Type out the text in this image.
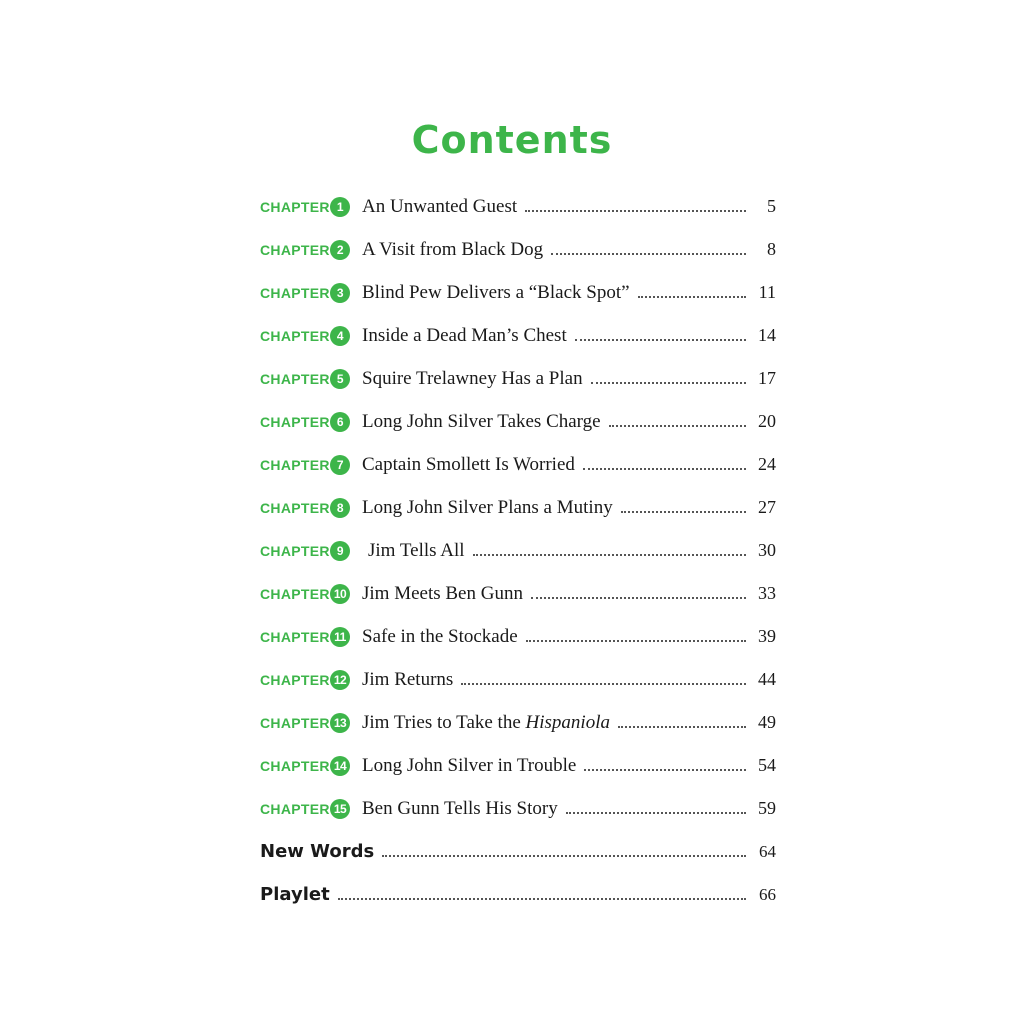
Contents
CHAPTER 1 An Unwanted Guest	5
CHAPTER 2 A Visit from Black Dog	8
CHAPTER 3 Blind Pew Delivers a “Black Spot”	11
CHAPTER 4 Inside a Dead Man’s Chest	14
CHAPTER 5 Squire Trelawney Has a Plan	17
CHAPTER 6 Long John Silver Takes Charge	20
CHAPTER 7 Captain Smollett Is Worried	24
CHAPTER 8 Long John Silver Plans a Mutiny	27
CHAPTER 9	Jim Tells All	30
CHAPTER 10 Jim Meets Ben Gunn	33
CHAPTER 11 Safe in the Stockade	39
CHAPTER 12 Jim Returns	44
CHAPTER 13 Jim Tries to Take the Hispaniola	49
CHAPTER 14 Long John Silver in Trouble	54
CHAPTER 15 Ben Gunn Tells His Story	59
New Words	64
Playlet	66
